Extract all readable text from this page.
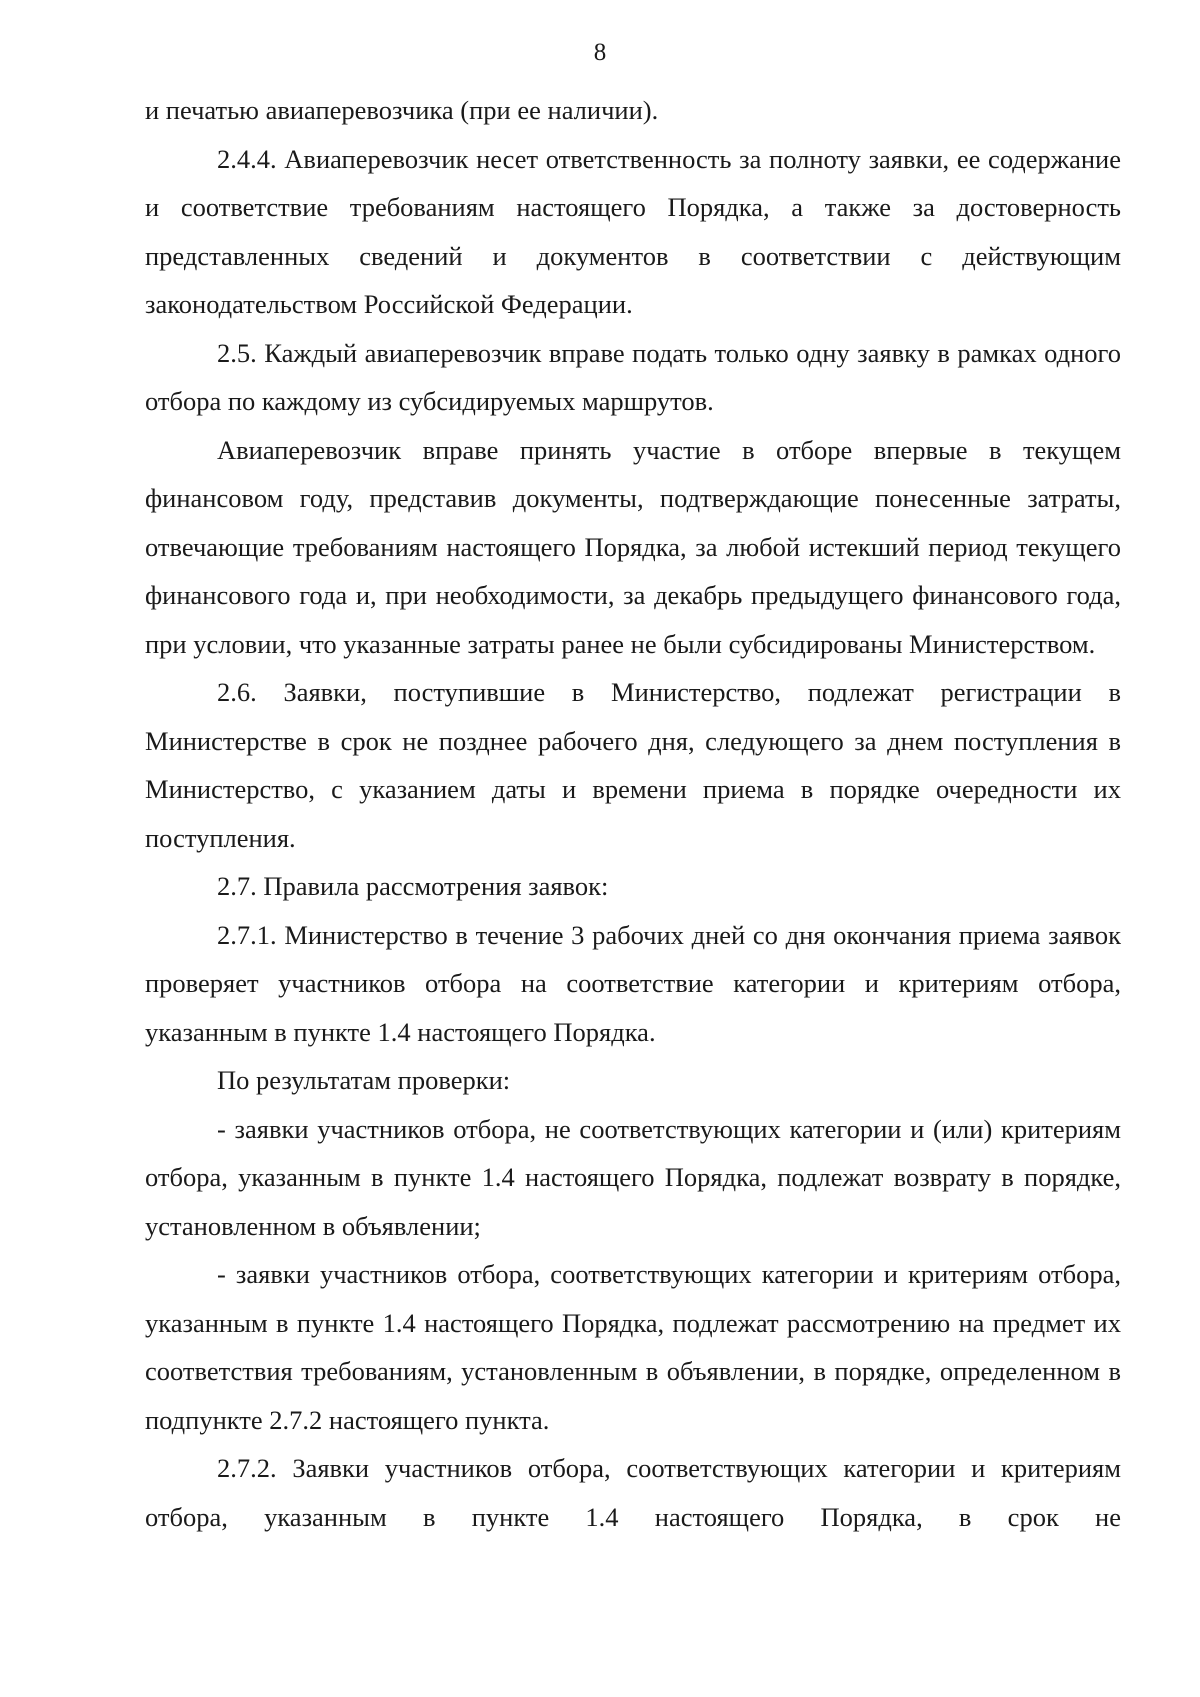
8

и печатью авиаперевозчика (при ее наличии).

2.4.4. Авиаперевозчик несет ответственность за полноту заявки, ее содержание и соответствие требованиям настоящего Порядка, а также за достоверность представленных сведений и документов в соответствии с действующим законодательством Российской Федерации.

2.5. Каждый авиаперевозчик вправе подать только одну заявку в рамках одного отбора по каждому из субсидируемых маршрутов.

Авиаперевозчик вправе принять участие в отборе впервые в текущем финансовом году, представив документы, подтверждающие понесенные затраты, отвечающие требованиям настоящего Порядка, за любой истекший период текущего финансового года и, при необходимости, за декабрь предыдущего финансового года, при условии, что указанные затраты ранее не были субсидированы Министерством.

2.6. Заявки, поступившие в Министерство, подлежат регистрации в Министерстве в срок не позднее рабочего дня, следующего за днем поступления в Министерство, с указанием даты и времени приема в порядке очередности их поступления.

2.7. Правила рассмотрения заявок:

2.7.1. Министерство в течение 3 рабочих дней со дня окончания приема заявок проверяет участников отбора на соответствие категории и критериям отбора, указанным в пункте 1.4 настоящего Порядка.

По результатам проверки:

- заявки участников отбора, не соответствующих категории и (или) критериям отбора, указанным в пункте 1.4 настоящего Порядка, подлежат возврату в порядке, установленном в объявлении;

- заявки участников отбора, соответствующих категории и критериям отбора, указанным в пункте 1.4 настоящего Порядка, подлежат рассмотрению на предмет их соответствия требованиям, установленным в объявлении, в порядке, определенном в подпункте 2.7.2 настоящего пункта.

2.7.2. Заявки участников отбора, соответствующих категории и критериям отбора, указанным в пункте 1.4 настоящего Порядка, в срок не
